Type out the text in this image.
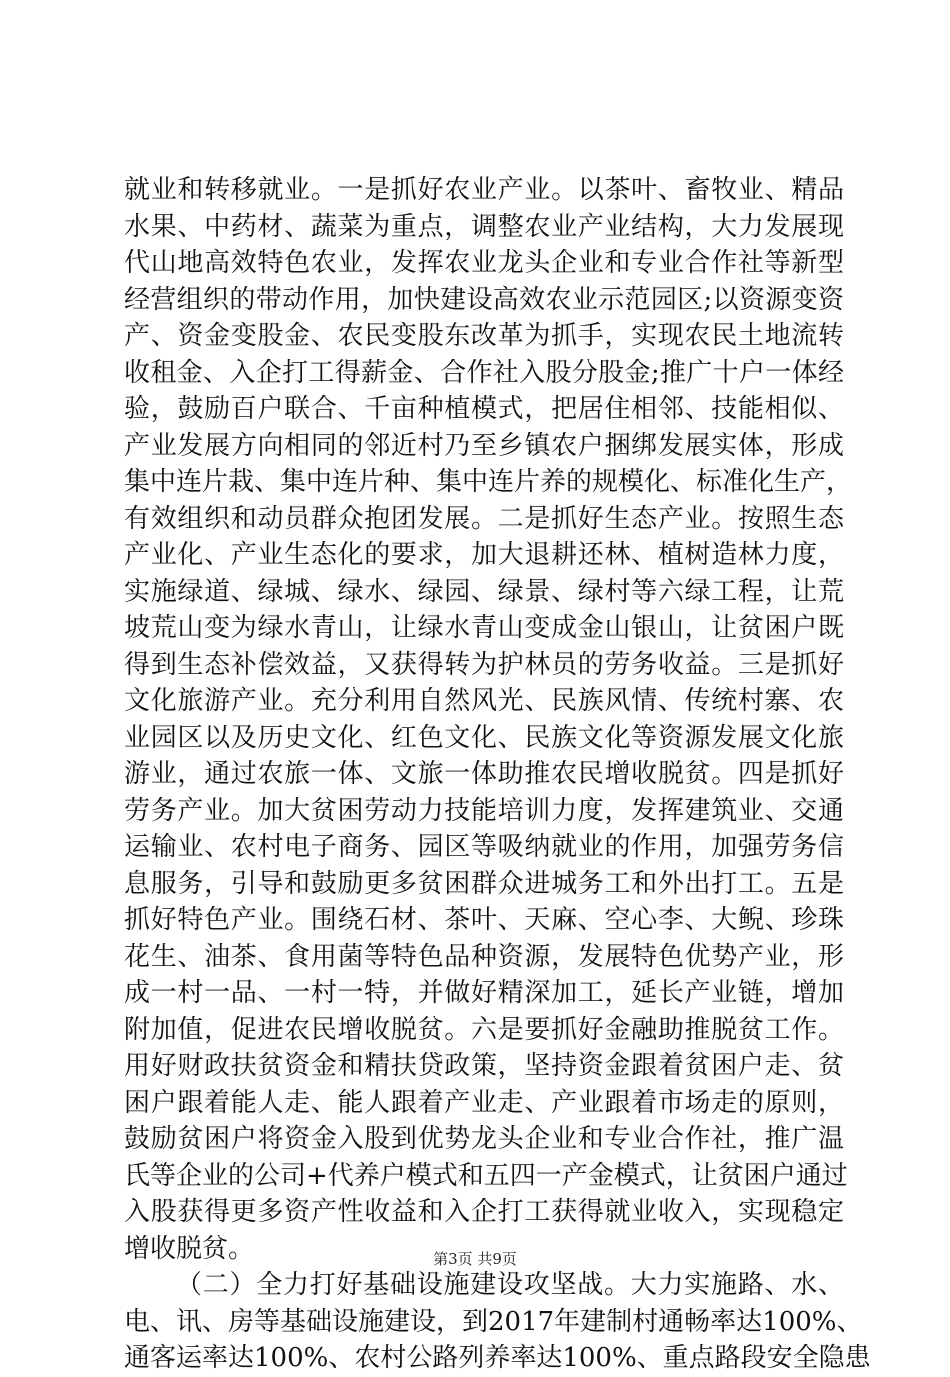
就业和转移就业。一是抓好农业产业。以茶叶、畜牧业、精品
水果、中药材、蔬菜为重点，调整农业产业结构，大力发展现
代山地高效特色农业，发挥农业龙头企业和专业合作社等新型
经营组织的带动作用，加快建设高效农业示范园区;以资源变资
产、资金变股金、农民变股东改革为抓手，实现农民土地流转
收租金、入企打工得薪金、合作社入股分股金;推广十户一体经
验，鼓励百户联合、千亩种植模式，把居住相邻、技能相似、
产业发展方向相同的邻近村乃至乡镇农户捆绑发展实体，形成
集中连片栽、集中连片种、集中连片养的规模化、标准化生产，
有效组织和动员群众抱团发展。二是抓好生态产业。按照生态
产业化、产业生态化的要求，加大退耕还林、植树造林力度，
实施绿道、绿城、绿水、绿园、绿景、绿村等六绿工程，让荒
坡荒山变为绿水青山，让绿水青山变成金山银山，让贫困户既
得到生态补偿效益，又获得转为护林员的劳务收益。三是抓好
文化旅游产业。充分利用自然风光、民族风情、传统村寨、农
业园区以及历史文化、红色文化、民族文化等资源发展文化旅
游业，通过农旅一体、文旅一体助推农民增收脱贫。四是抓好
劳务产业。加大贫困劳动力技能培训力度，发挥建筑业、交通
运输业、农村电子商务、园区等吸纳就业的作用，加强劳务信
息服务，引导和鼓励更多贫困群众进城务工和外出打工。五是
抓好特色产业。围绕石材、茶叶、天麻、空心李、大鲵、珍珠
花生、油茶、食用菌等特色品种资源，发展特色优势产业，形
成一村一品、一村一特，并做好精深加工，延长产业链，增加
附加值，促进农民增收脱贫。六是要抓好金融助推脱贫工作。
用好财政扶贫资金和精扶贷政策，坚持资金跟着贫困户走、贫
困户跟着能人走、能人跟着产业走、产业跟着市场走的原则，
鼓励贫困户将资金入股到优势龙头企业和专业合作社，推广温
氏等企业的公司+代养户模式和五四一产金模式，让贫困户通过
入股获得更多资产性收益和入企打工获得就业收入，实现稳定
增收脱贫。
（二）全力打好基础设施建设攻坚战。大力实施路、水、
电、讯、房等基础设施建设，到2017年建制村通畅率达100%、
通客运率达100%、农村公路列养率达100%、重点路段安全隐患
第3页 共9页
